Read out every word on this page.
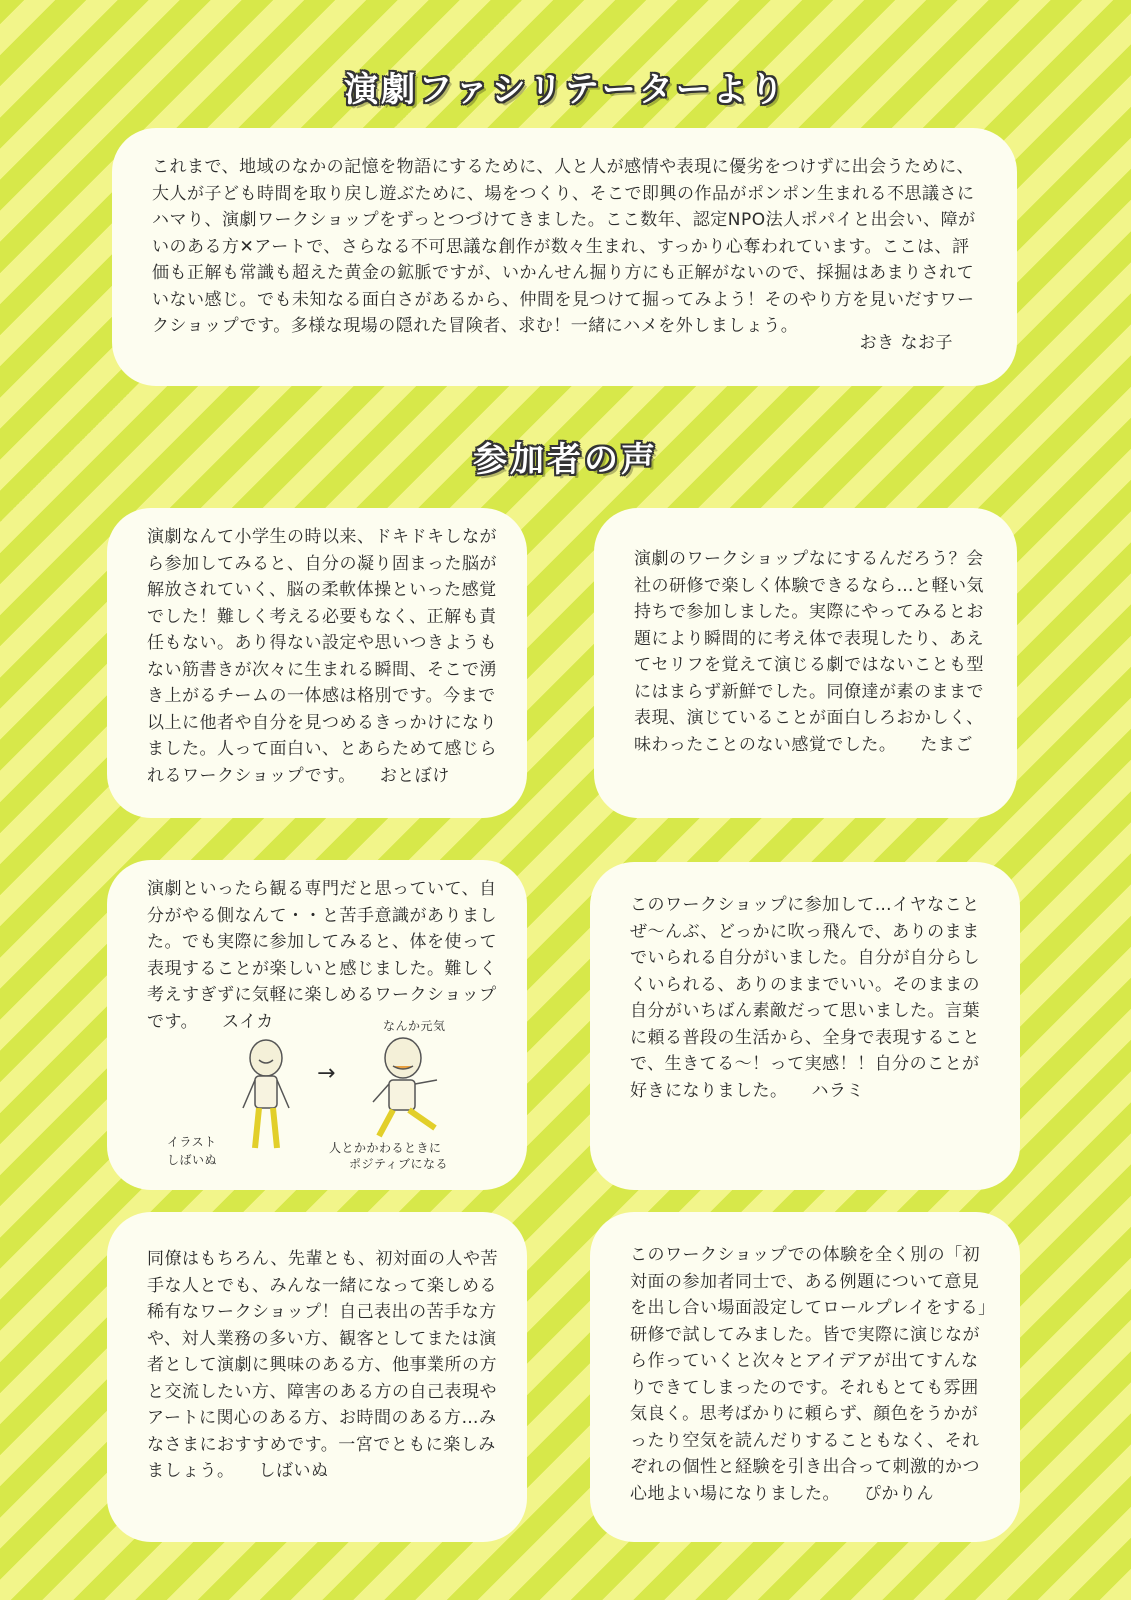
演劇ファシリテーターより

これまで、地域のなかの記憶を物語にするために、人と人が感情や表現に優劣をつけずに出会うために、大人が子ども時間を取り戻し遊ぶために、場をつくり、そこで即興の作品がポンポン生まれる不思議さにハマり、演劇ワークショップをずっとつづけてきました。ここ数年、認定NPO法人ポパイと出会い、障がいのある方✕アートで、さらなる不可思議な創作が数々生まれ、すっかり心奪われています。ここは、評価も正解も常識も超えた黄金の鉱脈ですが、いかんせん掘り方にも正解がないので、採掘はあまりされていない感じ。でも未知なる面白さがあるから、仲間を見つけて掘ってみよう！そのやり方を見いだすワークショップです。多様な現場の隠れた冒険者、求む！一緒にハメを外しましょう。

おき なお子
参加者の声

演劇なんて小学生の時以来、ドキドキしながら参加してみると、自分の凝り固まった脳が解放されていく、脳の柔軟体操といった感覚でした！難しく考える必要もなく、正解も責任もない。あり得ない設定や思いつきようもない筋書きが次々に生まれる瞬間、そこで湧き上がるチームの一体感は格別です。今まで以上に他者や自分を見つめるきっかけになりました。人って面白い、とあらためて感じられるワークショップです。 おとぼけ

演劇のワークショップなにするんだろう？会社の研修で楽しく体験できるなら…と軽い気持ちで参加しました。実際にやってみるとお題により瞬間的に考え体で表現したり、あえてセリフを覚えて演じる劇ではないことも型にはまらず新鮮でした。同僚達が素のままで表現、演じていることが面白しろおかしく、味わったことのない感覚でした。 たまご

演劇といったら観る専門だと思っていて、自分がやる側なんて・・と苦手意識がありました。でも実際に参加してみると、体を使って表現することが楽しいと感じました。難しく考えすぎずに気軽に楽しめるワークショップです。 スイカ

→
なんか元気
イラスト
しばいぬ
人とかかわるときに
ポジティブになる

このワークショップに参加して…イヤなことぜ〜んぶ、どっかに吹っ飛んで、ありのままでいられる自分がいました。自分が自分らしくいられる、ありのままでいい。そのままの自分がいちばん素敵だって思いました。言葉に頼る普段の生活から、全身で表現することで、生きてる〜！って実感！！自分のことが好きになりました。 ハラミ

同僚はもちろん、先輩とも、初対面の人や苦手な人とでも、みんな一緒になって楽しめる稀有なワークショップ！自己表出の苦手な方や、対人業務の多い方、観客としてまたは演者として演劇に興味のある方、他事業所の方と交流したい方、障害のある方の自己表現やアートに関心のある方、お時間のある方…みなさまにおすすめです。一宮でともに楽しみましょう。 しばいぬ

このワークショップでの体験を全く別の「初対面の参加者同士で、ある例題について意見を出し合い場面設定してロールプレイをする」研修で試してみました。皆で実際に演じながら作っていくと次々とアイデアが出てすんなりできてしまったのです。それもとても雰囲気良く。思考ばかりに頼らず、顔色をうかがったり空気を読んだりすることもなく、それぞれの個性と経験を引き出合って刺激的かつ心地よい場になりました。 ぴかりん
